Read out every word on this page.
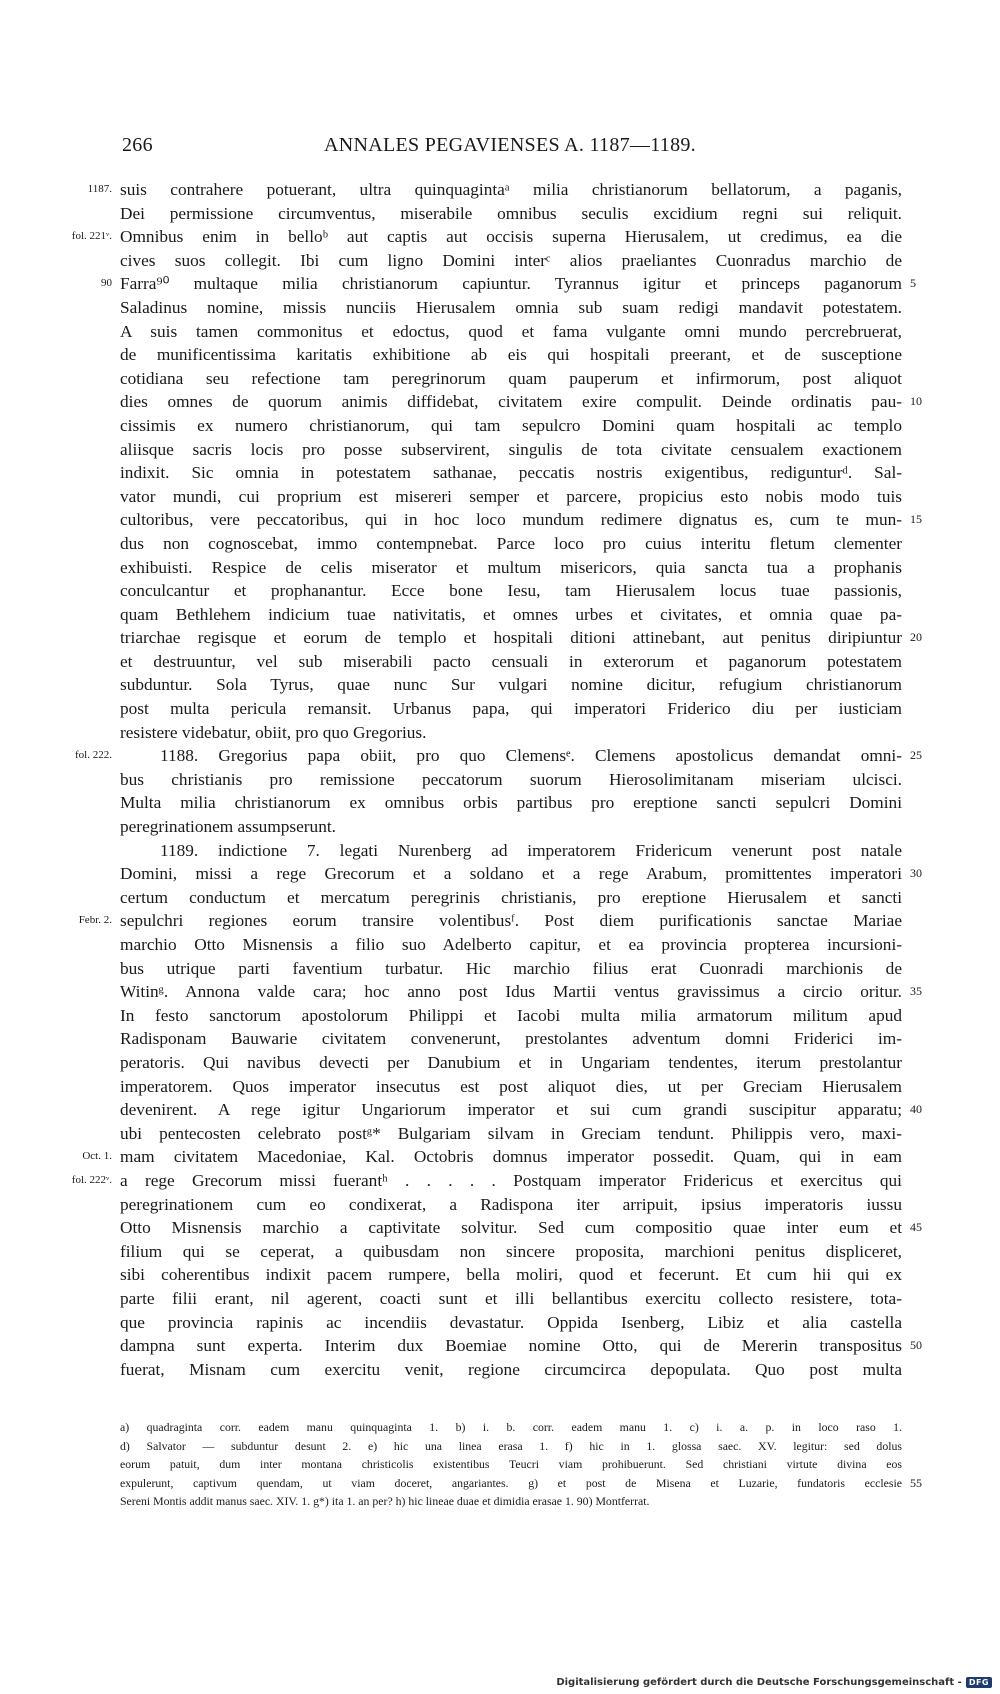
266	ANNALES PEGAVIENSES A. 1187—1189.
1187. suis contrahere potuerant, ultra quinquagintaᵃ milia christianorum bellatorum, a paganis,
Dei permissione circumventus, miserabile omnibus seculis excidium regni sui reliquit.
fol. 221ᵛ. Omnibus enim in belloᵇ aut captis aut occisis superna Hierusalem, ut credimus, ea die
cives suos collegit. Ibi cum ligno Domini interᶜ alios praeliantes Cuonradus marchio de
90 Farra⁹⁰ multaque milia christianorum capiuntur. Tyrannus igitur et princeps paganorum 5
Saladinus nomine, missis nunciis Hierusalem omnia sub suam redigi mandavit potestatem.
A suis tamen commonitus et edoctus, quod et fama vulgante omni mundo percrebruerat,
de munificentissima karitatis exhibitione ab eis qui hospitali preerant, et de susceptione
cotidiana seu refectione tam peregrinorum quam pauperum et infirmorum, post aliquot
dies omnes de quorum animis diffidebat, civitatem exire compulit. Deinde ordinatis pau- 10
cissimis ex numero christianorum, qui tam sepulcro Domini quam hospitali ac templo
aliisque sacris locis pro posse subservirent, singulis de tota civitate censualem exactionem
indixit. Sic omnia in potestatem sathanae, peccatis nostris exigentibus, redigunturᵈ. Sal-
vator mundi, cui proprium est misereri semper et parcere, propicius esto nobis modo tuis
cultoribus, vere peccatoribus, qui in hoc loco mundum redimere dignatus es, cum te mun- 15
dus non cognoscebat, immo contempnebat. Parce loco pro cuius interitu fletum clementer
exhibuisti. Respice de celis miserator et multum misericors, quia sancta tua a prophanis
conculcantur et prophanantur. Ecce bone Iesu, tam Hierusalem locus tuae passionis,
quam Bethlehem indicium tuae nativitatis, et omnes urbes et civitates, et omnia quae pa-
triarchae regisque et eorum de templo et hospitali ditioni attinebant, aut penitus diripiuntur 20
et destruuntur, vel sub miserabili pacto censuali in exterorum et paganorum potestatem
subduntur. Sola Tyrus, quae nunc Sur vulgari nomine dicitur, refugium christianorum
post multa pericula remansit. Urbanus papa, qui imperatori Friderico diu per iusticiam
resistere videbatur, obiit, pro quo Gregorius.
fol. 222.	1188. Gregorius papa obiit, pro quo Clemensᵉ. Clemens apostolicus demandat omni- 25
bus christianis pro remissione peccatorum suorum Hierosolimitanam miseriam ulcisci.
Multa milia christianorum ex omnibus orbis partibus pro ereptione sancti sepulcri Domini
peregrinationem assumpserunt.
1189. indictione 7. legati Nurenberg ad imperatorem Fridericum venerunt post natale
Domini, missi a rege Grecorum et a soldano et a rege Arabum, promittentes imperatori 30
certum conductum et mercatum peregrinis christianis, pro ereptione Hierusalem et sancti
Febr. 2. sepulchri regiones eorum transire volentibusᶠ. Post diem purificationis sanctae Mariae
marchio Otto Misnensis a filio suo Adelberto capitur, et ea provincia propterea incursioni-
bus utrique parti faventium turbatur. Hic marchio filius erat Cuonradi marchionis de
Witinᵍ. Annona valde cara; hoc anno post Idus Martii ventus gravissimus a circio oritur. 35
In festo sanctorum apostolorum Philippi et Iacobi multa milia armatorum militum apud
Radisponam Bauwarie civitatem convenerunt, prestolantes adventum domni Friderici im-
peratoris. Qui navibus devecti per Danubium et in Ungariam tendentes, iterum prestolantur
imperatorem. Quos imperator insecutus est post aliquot dies, ut per Greciam Hierusalem
devenirent. A rege igitur Ungariorum imperator et sui cum grandi suscipitur apparatu; 40
ubi pentecosten celebrato postᵍ* Bulgariam silvam in Greciam tendunt. Philippis vero, maxi-
Oct. 1. mam civitatem Macedoniae, Kal. Octobris domnus imperator possedit. Quam, qui in eam
fol. 222ᵛ. a rege Grecorum missi fuerantʰ . . . . . Postquam imperator Fridericus et exercitus qui
peregrinationem cum eo condixerat, a Radispona iter arripuit, ipsius imperatoris iussu
Otto Misnensis marchio a captivitate solvitur. Sed cum compositio quae inter eum et 45
filium qui se ceperat, a quibusdam non sincere proposita, marchioni penitus displiceret,
sibi coherentibus indixit pacem rumpere, bella moliri, quod et fecerunt. Et cum hii qui ex
parte filii erant, nil agerent, coacti sunt et illi bellantibus exercitu collecto resistere, tota-
que provincia rapinis ac incendiis devastatur. Oppida Isenberg, Libiz et alia castella
dampna sunt experta. Interim dux Boemiae nomine Otto, qui de Mererin transpositus 50
fuerat, Misnam cum exercitu venit, regione circumcirca depopulata. Quo post multa
a) quadraginta corr. eadem manu quinquaginta 1. b) i. b. corr. eadem manu 1. c) i. a. p. in loco raso 1.
d) Salvator — subduntur desunt 2. e) hic una linea erasa 1. f) hic in 1. glossa saec. XV. legitur: sed dolus
eorum patuit, dum inter montana christicolis existentibus Teucri viam prohibuerunt. Sed christiani virtute divina eos
expulerunt, captivum quendam, ut viam doceret, angariantes. g) et post de Misena et Luzarie, fundatoris ecclesie 55
Sereni Montis addit manus saec. XIV. 1. g*) ita 1. an per? h) hic lineae duae et dimidia erasae 1. 90) Montferrat.
Digitalisierung gefördert durch die Deutsche Forschungsgemeinschaft - DFG
